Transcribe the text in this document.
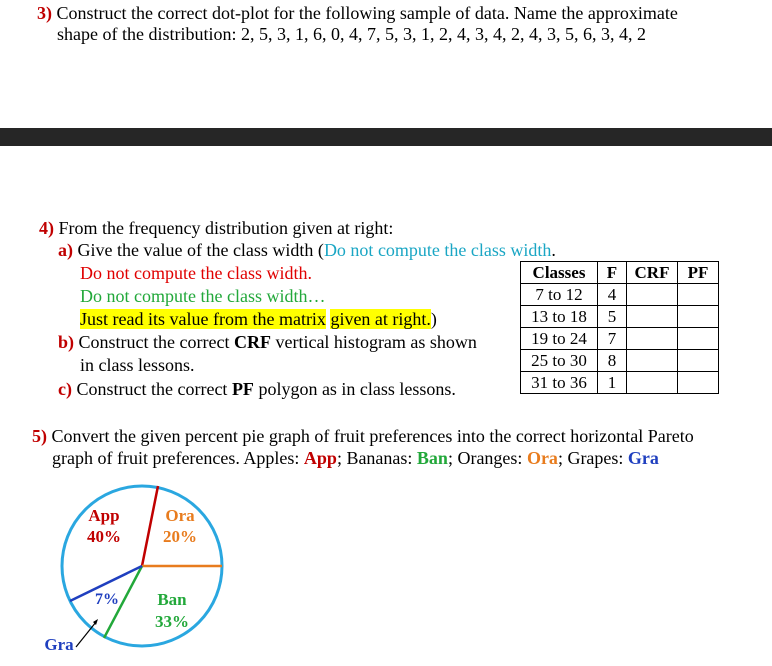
3) Construct the correct dot-plot for the following sample of data. Name the approximate
shape of the distribution: 2, 5, 3, 1, 6, 0, 4, 7, 5, 3, 1, 2, 4, 3, 4, 2, 4, 3, 5, 6, 3, 4, 2
4) From the frequency distribution given at right:
a) Give the value of the class width (Do not compute the class width.
Do not compute the class width.
Do not compute the class width…
Just read its value from the matrix given at right.)
b) Construct the correct CRF vertical histogram as shown
in class lessons.
c) Construct the correct PF polygon as in class lessons.
Classes	F	CRF	PF
7 to 12	4		
13 to 18	5		
19 to 24	7		
25 to 30	8		
31 to 36	1		
5) Convert the given percent pie graph of fruit preferences into the correct horizontal Pareto
graph of fruit preferences. Apples: App; Bananas: Ban; Oranges: Ora; Grapes: Gra
App
40%
Ora
20%
Ban
33%
7%
Gra
